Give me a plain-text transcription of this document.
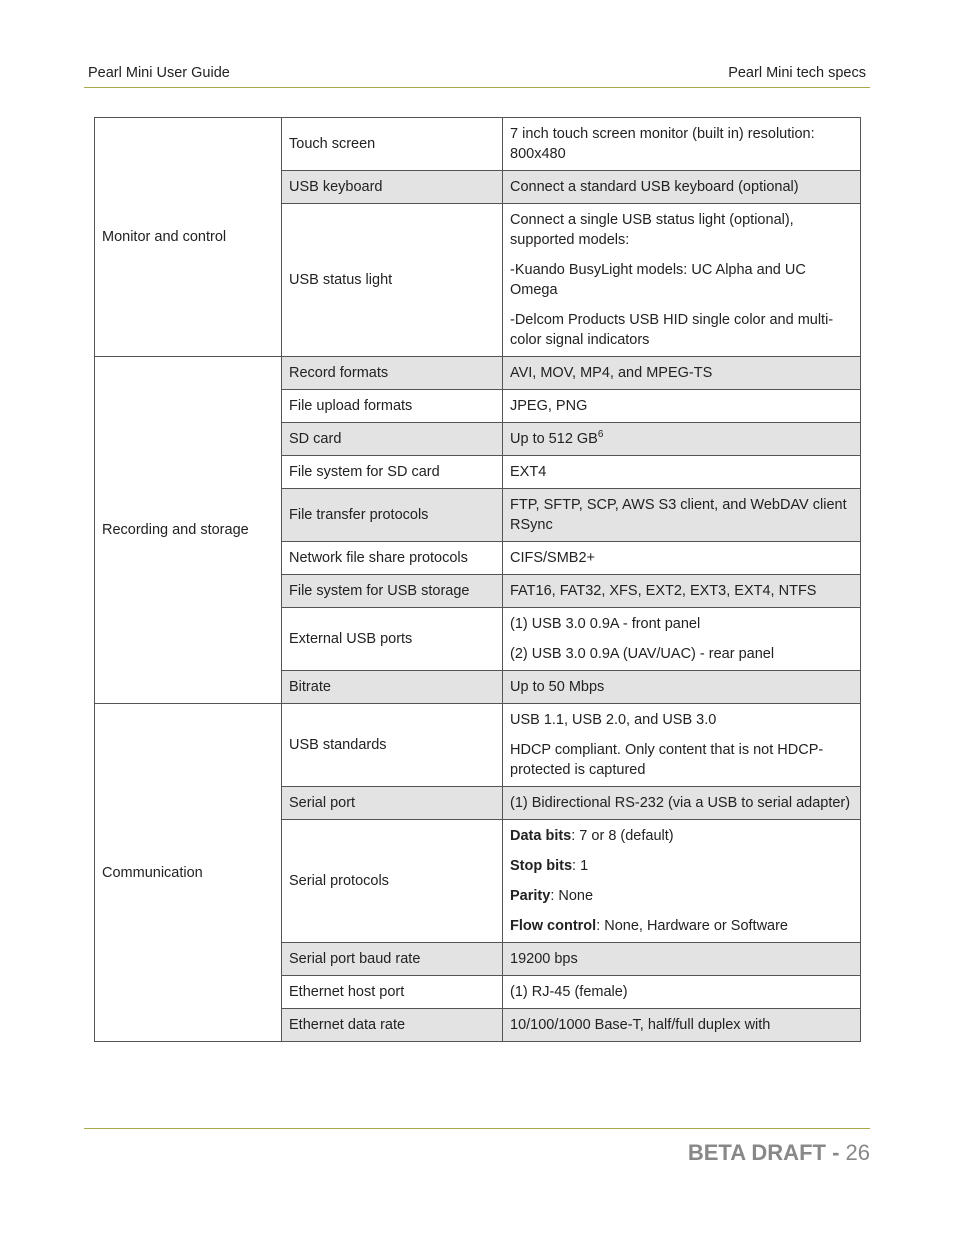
Pearl Mini User Guide	Pearl Mini tech specs
Monitor and control	Touch screen	7 inch touch screen monitor (built in) resolution: 800x480

	USB keyboard	Connect a standard USB keyboard (optional)

	USB status light	Connect a single USB status light (optional), supported models:

-Kuando BusyLight models: UC Alpha and UC Omega

-Delcom Products USB HID single color and multi-color signal indicators

Recording and storage	Record formats	AVI, MOV, MP4, and MPEG-TS

	File upload formats	JPEG, PNG

	SD card	Up to 512 $GB^6$

	File system for SD card	EXT4

	File transfer protocols	FTP, SFTP, SCP, AWS S3 client, and WebDAV client RSync

	Network file share protocols	CIFS/SMB2+

	File system for USB storage	FAT16, FAT32, XFS, EXT2, EXT3, EXT4, NTFS

	External USB ports	(1) USB 3.0 0.9A - front panel

(2) USB 3.0 0.9A (UAV/UAC) - rear panel

	Bitrate	Up to 50 Mbps

Communication	USB standards	USB 1.1, USB 2.0, and USB 3.0

HDCP compliant. Only content that is not HDCP-protected is captured

	Serial port	(1) Bidirectional RS-232 (via a USB to serial adapter)

	Serial protocols	Data bits: 7 or 8 (default)

Stop bits: 1

Parity: None

Flow control: None, Hardware or Software

	Serial port baud rate	19200 bps

	Ethernet host port	(1) RJ-45 (female)

	Ethernet data rate	10/100/1000 Base-T, half/full duplex with

BETA DRAFT - 26
